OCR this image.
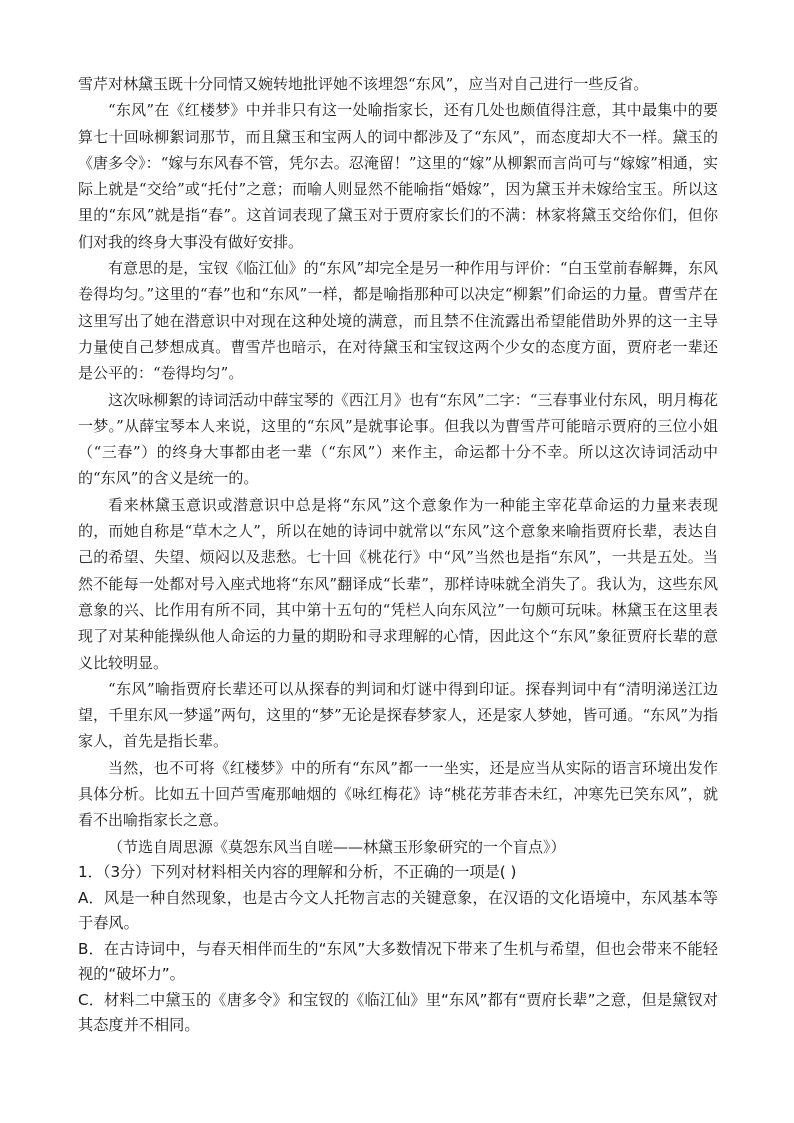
雪芹对林黛玉既十分同情又婉转地批评她不该埋怨“东风”，应当对自己进行一些反省。

“东风”在《红楼梦》中并非只有这一处喻指家长，还有几处也颇值得注意，其中最集中的要算七十回咏柳絮词那节，而且黛玉和宝两人的词中都涉及了“东风”，而态度却大不一样。黛玉的《唐多令》：“嫁与东风春不管，凭尔去。忍淹留！”这里的“嫁”从柳絮而言尚可与“嫁嫁”相通，实际上就是“交给”或“托付”之意；而喻人则显然不能喻指“婚嫁”，因为黛玉并未嫁给宝玉。所以这里的“东风”就是指“春”。这首词表现了黛玉对于贾府家长们的不满：林家将黛玉交给你们，但你们对我的终身大事没有做好安排。

有意思的是，宝钗《临江仙》的“东风”却完全是另一种作用与评价：“白玉堂前春解舞，东风卷得均匀。”这里的“春”也和“东风”一样，都是喻指那种可以决定“柳絮”们命运的力量。曹雪芹在这里写出了她在潜意识中对现在这种处境的满意，而且禁不住流露出希望能借助外界的这一主导力量使自己梦想成真。曹雪芹也暗示，在对待黛玉和宝钗这两个少女的态度方面，贾府老一辈还是公平的：“卷得均匀”。

这次咏柳絮的诗词活动中薛宝琴的《西江月》也有“东风”二字：“三春事业付东风，明月梅花一梦。”从薛宝琴本人来说，这里的“东风”是就事论事。但我以为曹雪芹可能暗示贾府的三位小姐（“三春”）的终身大事都由老一辈（“东风”）来作主，命运都十分不幸。所以这次诗词活动中的“东风”的含义是统一的。

看来林黛玉意识或潜意识中总是将“东风”这个意象作为一种能主宰花草命运的力量来表现的，而她自称是“草木之人”，所以在她的诗词中就常以“东风”这个意象来喻指贾府长辈，表达自己的希望、失望、烦闷以及悲愁。七十回《桃花行》中“风”当然也是指“东风”，一共是五处。当然不能每一处都对号入座式地将“东风”翻译成“长辈”，那样诗味就全消失了。我认为，这些东风意象的兴、比作用有所不同，其中第十五句的“凭栏人向东风泣”一句颇可玩味。林黛玉在这里表现了对某种能操纵他人命运的力量的期盼和寻求理解的心情，因此这个“东风”象征贾府长辈的意义比较明显。

“东风”喻指贾府长辈还可以从探春的判词和灯谜中得到印证。探春判词中有“清明涕送江边望，千里东风一梦遥”两句，这里的“梦”无论是探春梦家人，还是家人梦她，皆可通。“东风”为指家人，首先是指长辈。

当然，也不可将《红楼梦》中的所有“东风”都一一坐实，还是应当从实际的语言环境出发作具体分析。比如五十回芦雪庵那岫烟的《咏红梅花》诗“桃花芳菲杏未红，冲寒先已笑东风”，就看不出喻指家长之意。

（节选自周思源《莫怨东风当自嗟——林黛玉形象研究的一个盲点》）

1．（3分）下列对材料相关内容的理解和分析，不正确的一项是( )

A．风是一种自然现象，也是古今文人托物言志的关键意象，在汉语的文化语境中，东风基本等于春风。

B．在古诗词中，与春天相伴而生的“东风”大多数情况下带来了生机与希望，但也会带来不能轻视的“破坏力”。

C．材料二中黛玉的《唐多令》和宝钗的《临江仙》里“东风”都有“贾府长辈”之意，但是黛钗对其态度并不相同。
